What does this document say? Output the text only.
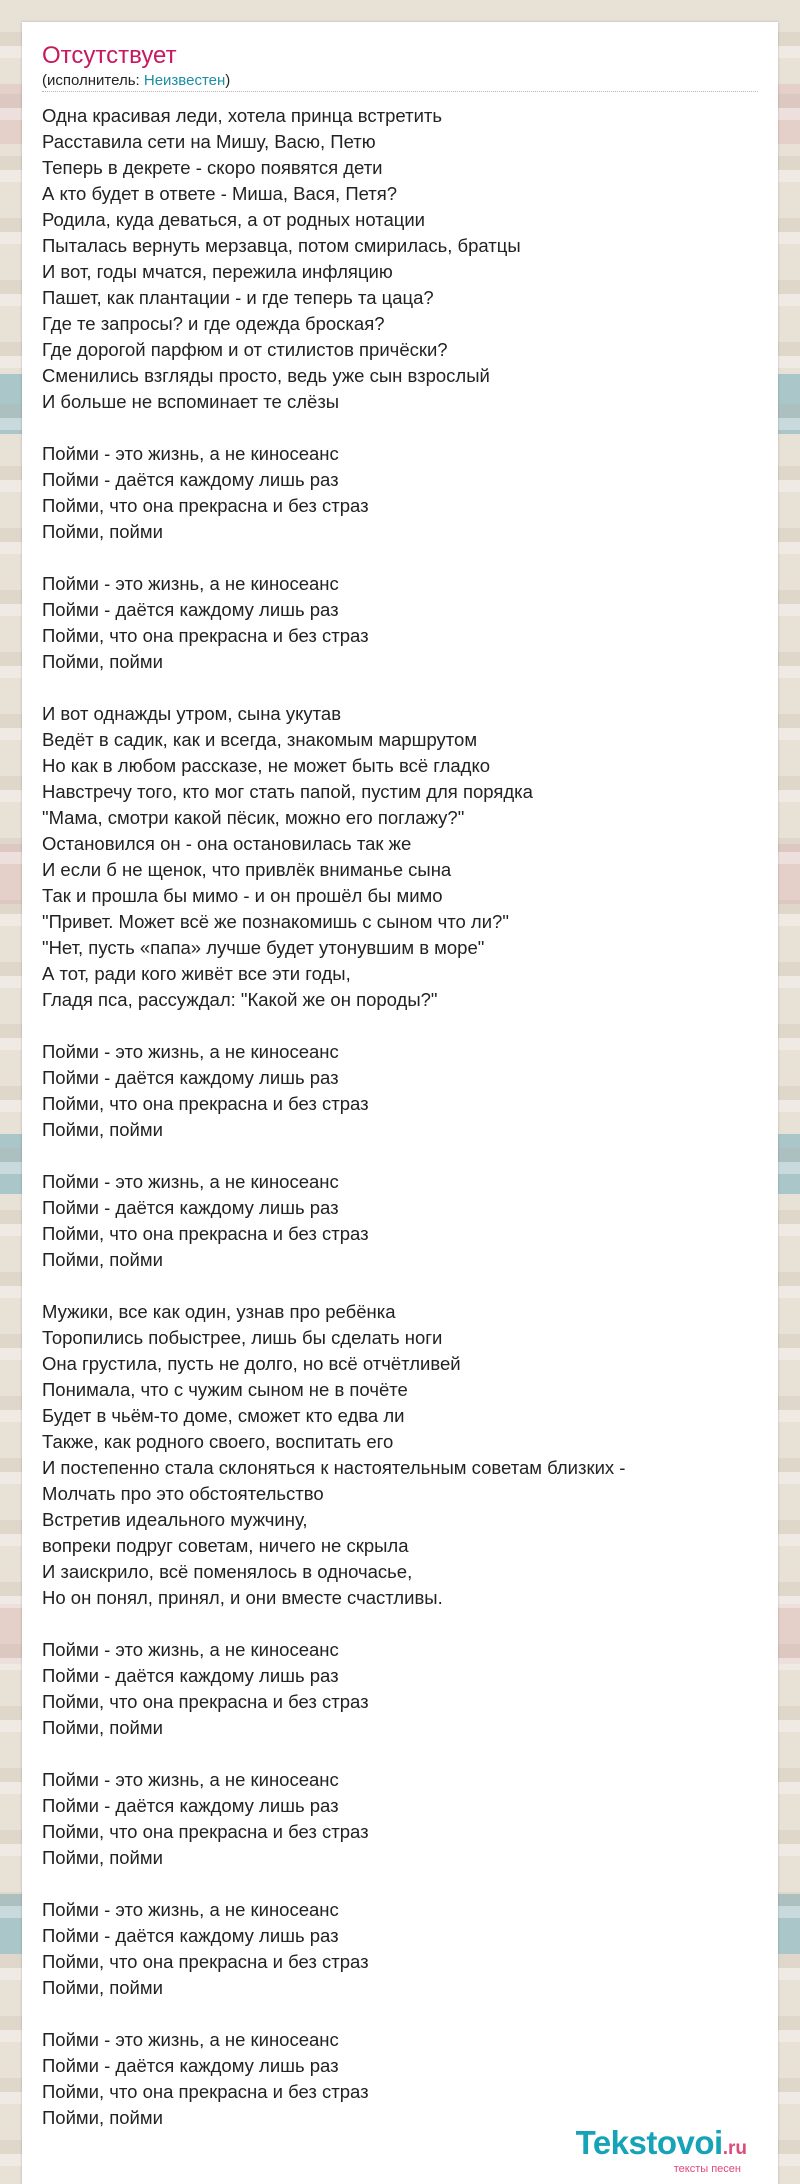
Отсутствует
(исполнитель: Неизвестен)
Одна красивая леди, хотела принца встретить
Расставила сети на Мишу, Васю, Петю
Теперь в декрете - скоро появятся дети
А кто будет в ответе - Миша, Вася, Петя?
Родила, куда деваться, а от родных нотации
Пыталась вернуть мерзавца, потом смирилась, братцы
И вот, годы мчатся, пережила инфляцию
Пашет, как плантации - и где теперь та цаца?
Где те запросы? и где одежда броская?
Где дорогой парфюм и от стилистов причёски?
Сменились взгляды просто, ведь уже сын взрослый
И больше не вспоминает те слёзы

Пойми - это жизнь, а не киносеанс
Пойми - даётся каждому лишь раз
Пойми, что она прекрасна и без страз
Пойми, пойми

Пойми - это жизнь, а не киносеанс
Пойми - даётся каждому лишь раз
Пойми, что она прекрасна и без страз
Пойми, пойми

И вот однажды утром, сына укутав
Ведёт в садик, как и всегда, знакомым маршрутом
Но как в любом рассказе, не может быть всё гладко
Навстречу того, кто мог стать папой, пустим для порядка
"Мама, смотри какой пёсик, можно его поглажу?"
Остановился он - она остановилась так же
И если б не щенок, что привлёк вниманье сына
Так и прошла бы мимо - и он прошёл бы мимо
"Привет. Может всё же познакомишь с сыном что ли?"
"Нет, пусть «папа» лучше будет утонувшим в море"
А тот, ради кого живёт все эти годы,
Гладя пса, рассуждал: "Какой же он породы?"

Пойми - это жизнь, а не киносеанс
Пойми - даётся каждому лишь раз
Пойми, что она прекрасна и без страз
Пойми, пойми

Пойми - это жизнь, а не киносеанс
Пойми - даётся каждому лишь раз
Пойми, что она прекрасна и без страз
Пойми, пойми

Мужики, все как один, узнав про ребёнка
Торопились побыстрее, лишь бы сделать ноги
Она грустила, пусть не долго, но всё отчётливей
Понимала, что с чужим сыном не в почёте
Будет в чьём-то доме, сможет кто едва ли
Также, как родного своего, воспитать его
И постепенно стала склоняться к настоятельным советам близких -
Молчать про это обстоятельство
Встретив идеального мужчину,
вопреки подруг советам, ничего не скрыла
И заискрило, всё поменялось в одночасье,
Но он понял, принял, и они вместе счастливы.

Пойми - это жизнь, а не киносеанс
Пойми - даётся каждому лишь раз
Пойми, что она прекрасна и без страз
Пойми, пойми

Пойми - это жизнь, а не киносеанс
Пойми - даётся каждому лишь раз
Пойми, что она прекрасна и без страз
Пойми, пойми

Пойми - это жизнь, а не киносеанс
Пойми - даётся каждому лишь раз
Пойми, что она прекрасна и без страз
Пойми, пойми

Пойми - это жизнь, а не киносеанс
Пойми - даётся каждому лишь раз
Пойми, что она прекрасна и без страз
Пойми, пойми
Tekstovoi.ru
тексты песен
